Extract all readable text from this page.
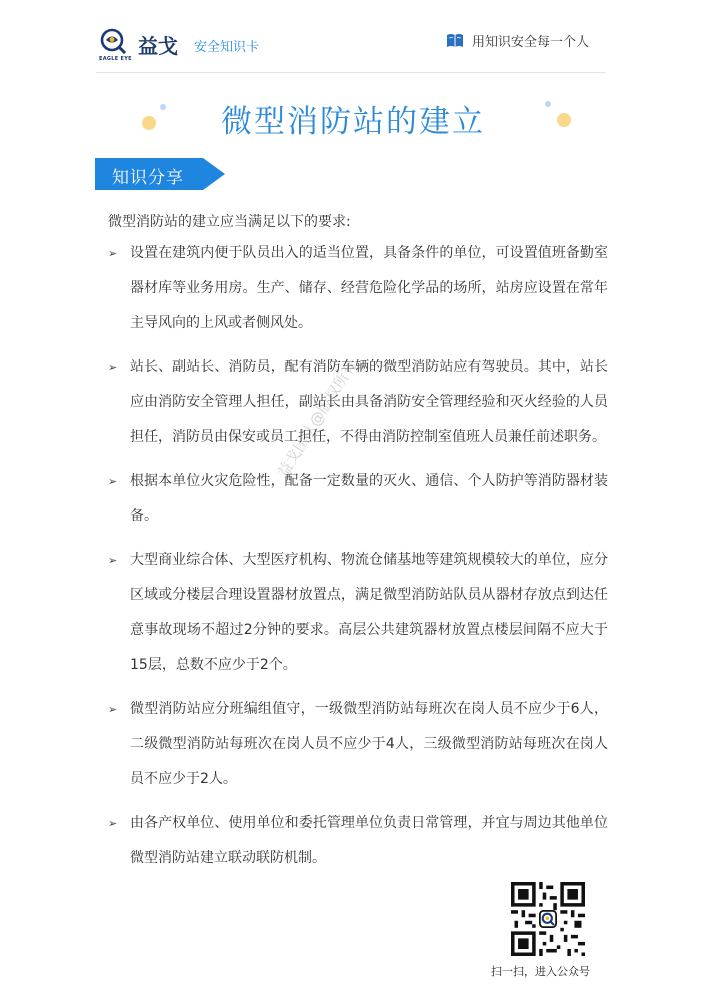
EAGLE EYE
益戈 安全知识卡	用知识安全每一个人
微型消防站的建立
知识分享
微型消防站的建立应当满足以下的要求:
➢ 设置在建筑内便于队员出入的适当位置，具备条件的单位，可设置值班备勤室器材库等业务用房。生产、储存、经营危险化学品的场所，站房应设置在常年主导风向的上风或者侧风处。
➢ 站长、副站长、消防员，配有消防车辆的微型消防站应有驾驶员。其中，站长应由消防安全管理人担任，副站长由具备消防安全管理经验和灭火经验的人员担任，消防员由保安或员工担任，不得由消防控制室值班人员兼任前述职务。
➢ 根据本单位火灾危险性，配备一定数量的灭火、通信、个人防护等消防器材装备。
➢ 大型商业综合体、大型医疗机构、物流仓储基地等建筑规模较大的单位，应分区域或分楼层合理设置器材放置点，满足微型消防站队员从器材存放点到达任意事故现场不超过2分钟的要求。高层公共建筑器材放置点楼层间隔不应大于15层，总数不应少于2个。
➢ 微型消防站应分班编组值守，一级微型消防站每班次在岗人员不应少于6人，二级微型消防站每班次在岗人员不应少于4人，三级微型消防站每班次在岗人员不应少于2人。
➢ 由各产权单位、使用单位和委托管理单位负责日常管理，并宜与周边其他单位微型消防站建立联动联防机制。
益戈团队@版权所有
扫一扫，进入公众号
